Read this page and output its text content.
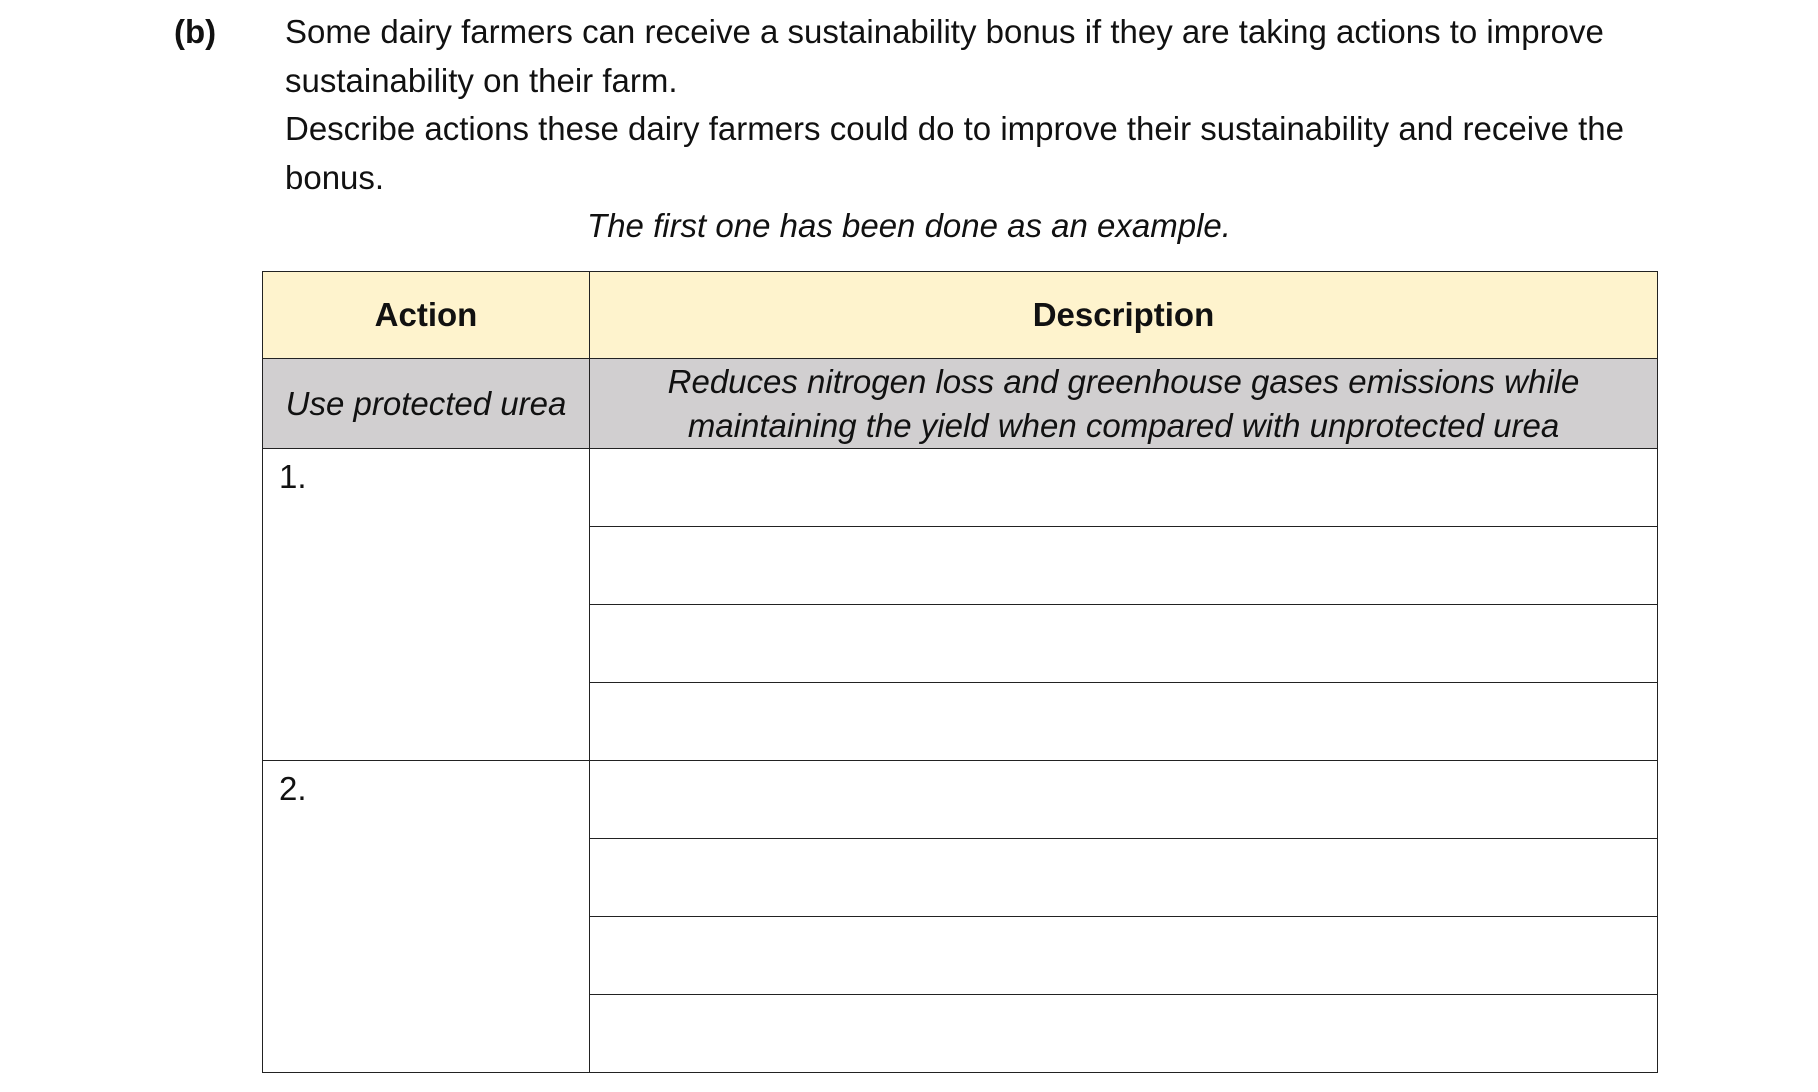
(b) Some dairy farmers can receive a sustainability bonus if they are taking actions to improve sustainability on their farm.

Describe actions these dairy farmers could do to improve their sustainability and receive the bonus.

The first one has been done as an example.
Action	Description
Use protected urea	Reduces nitrogen loss and greenhouse gases emissions while
maintaining the yield when compared with unprotected urea

1.	

2.	
